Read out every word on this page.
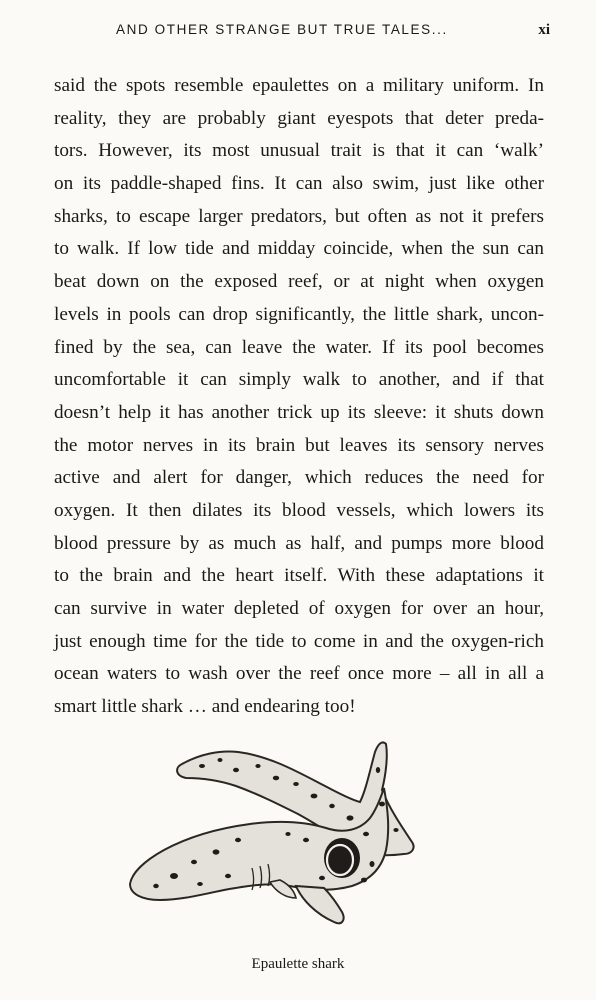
AND OTHER STRANGE BUT TRUE TALES...	xi

said the spots resemble epaulettes on a military uniform. In
reality, they are probably giant eyespots that deter preda-
tors. However, its most unusual trait is that it can ‘walk’
on its paddle-shaped fins. It can also swim, just like other
sharks, to escape larger predators, but often as not it prefers
to walk. If low tide and midday coincide, when the sun can
beat down on the exposed reef, or at night when oxygen
levels in pools can drop significantly, the little shark, uncon-
fined by the sea, can leave the water. If its pool becomes
uncomfortable it can simply walk to another, and if that
doesn’t help it has another trick up its sleeve: it shuts down
the motor nerves in its brain but leaves its sensory nerves
active and alert for danger, which reduces the need for
oxygen. It then dilates its blood vessels, which lowers its
blood pressure by as much as half, and pumps more blood
to the brain and the heart itself. With these adaptations it
can survive in water depleted of oxygen for over an hour,
just enough time for the tide to come in and the oxygen-rich
ocean waters to wash over the reef once more – all in all a
smart little shark … and endearing too!

Epaulette shark
